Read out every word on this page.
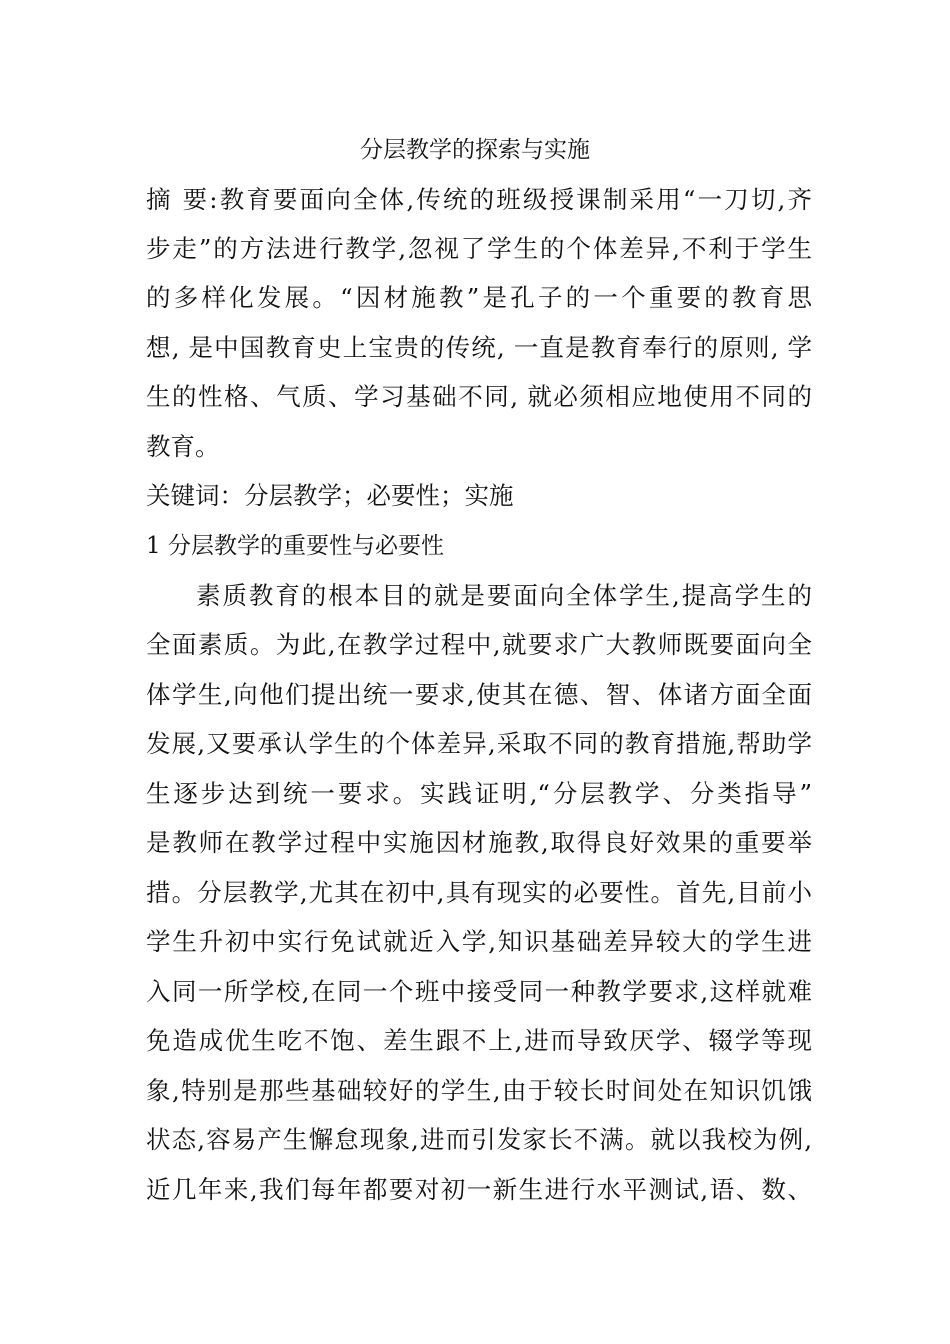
分层教学的探索与实施
摘 要:教育要面向全体,传统的班级授课制采用“一刀切,齐
步走”的方法进行教学,忽视了学生的个体差异,不利于学生
的多样化发展。“因材施教”是孔子的一个重要的教育思
想, 是中国教育史上宝贵的传统, 一直是教育奉行的原则, 学
生的性格、气质、学习基础不同, 就必须相应地使用不同的
教育。
关键词：分层教学；必要性；实施
1 分层教学的重要性与必要性
素质教育的根本目的就是要面向全体学生,提高学生的
全面素质。为此,在教学过程中,就要求广大教师既要面向全
体学生,向他们提出统一要求,使其在德、智、体诸方面全面
发展,又要承认学生的个体差异,采取不同的教育措施,帮助学
生逐步达到统一要求。实践证明,“分层教学、分类指导”
是教师在教学过程中实施因材施教,取得良好效果的重要举
措。分层教学,尤其在初中,具有现实的必要性。首先,目前小
学生升初中实行免试就近入学,知识基础差异较大的学生进
入同一所学校,在同一个班中接受同一种教学要求,这样就难
免造成优生吃不饱、差生跟不上,进而导致厌学、辍学等现
象,特别是那些基础较好的学生,由于较长时间处在知识饥饿
状态,容易产生懈怠现象,进而引发家长不满。就以我校为例,
近几年来,我们每年都要对初一新生进行水平测试,语、数、
